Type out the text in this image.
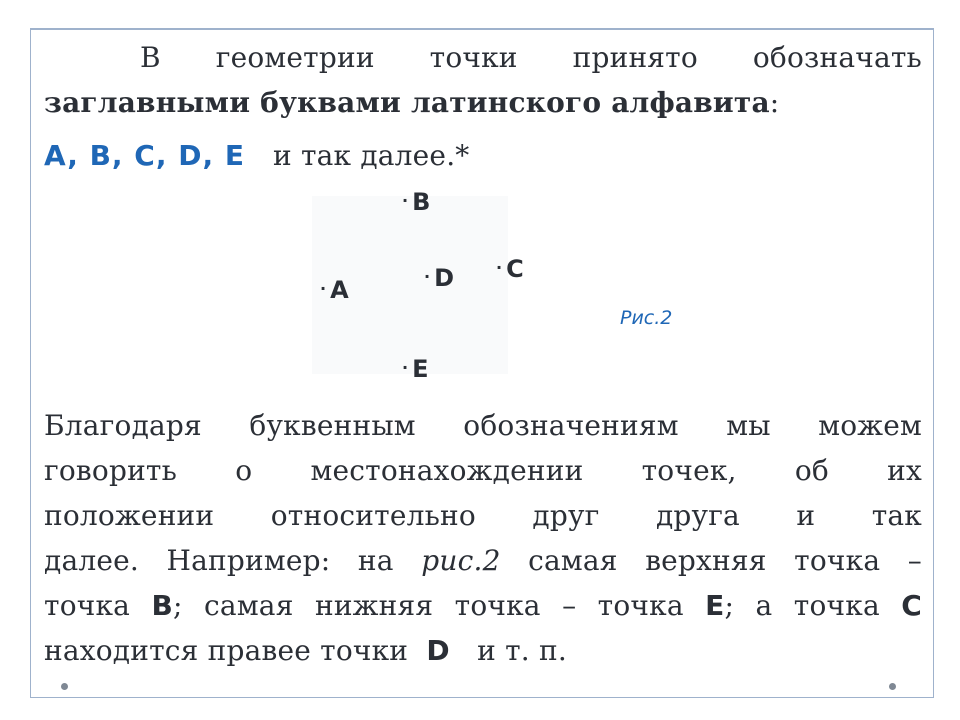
В геометрии точки принято обозначать
заглавными буквами латинского алфавита:
A, B, C, D, E и так далее.*
· B
· C
· D
· A
· E
Рис.2
Благодаря буквенным обозначениям мы можем
говорить о местонахождении точек, об их
положении относительно друг друга и так
далее. Например: на рис.2 самая верхняя точка –
точка B; самая нижняя точка – точка E; а точка C
находится правее точки D и т. п.
